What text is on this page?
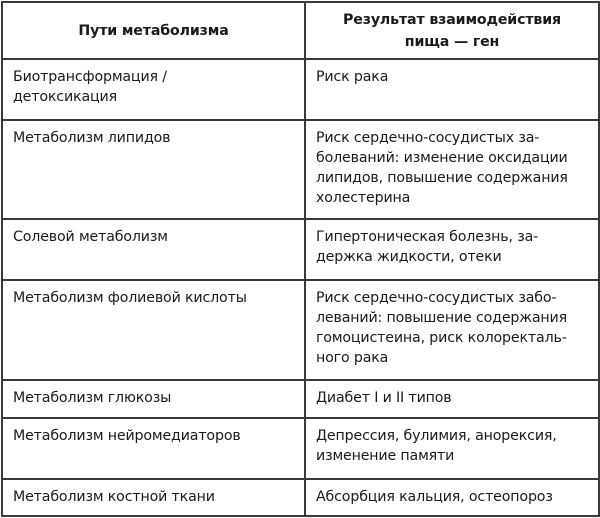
Пути метаболизма	Результат взаимодействия
пища — ген

Биотрансформация /
детоксикация	Риск рака

Метаболизм липидов	Риск сердечно-сосудистых за-
болеваний: изменение оксидации
липидов, повышение содержания
холестерина

Солевой метаболизм	Гипертоническая болезнь, за-
держка жидкости, отеки

Метаболизм фолиевой кислоты	Риск сердечно-сосудистых забо-
леваний: повышение содержания
гомоцистеина, риск колоректаль-
ного рака

Метаболизм глюкозы	Диабет I и II типов

Метаболизм нейромедиаторов	Депрессия, булимия, анорексия,
изменение памяти

Метаболизм костной ткани	Абсорбция кальция, остеопороз
